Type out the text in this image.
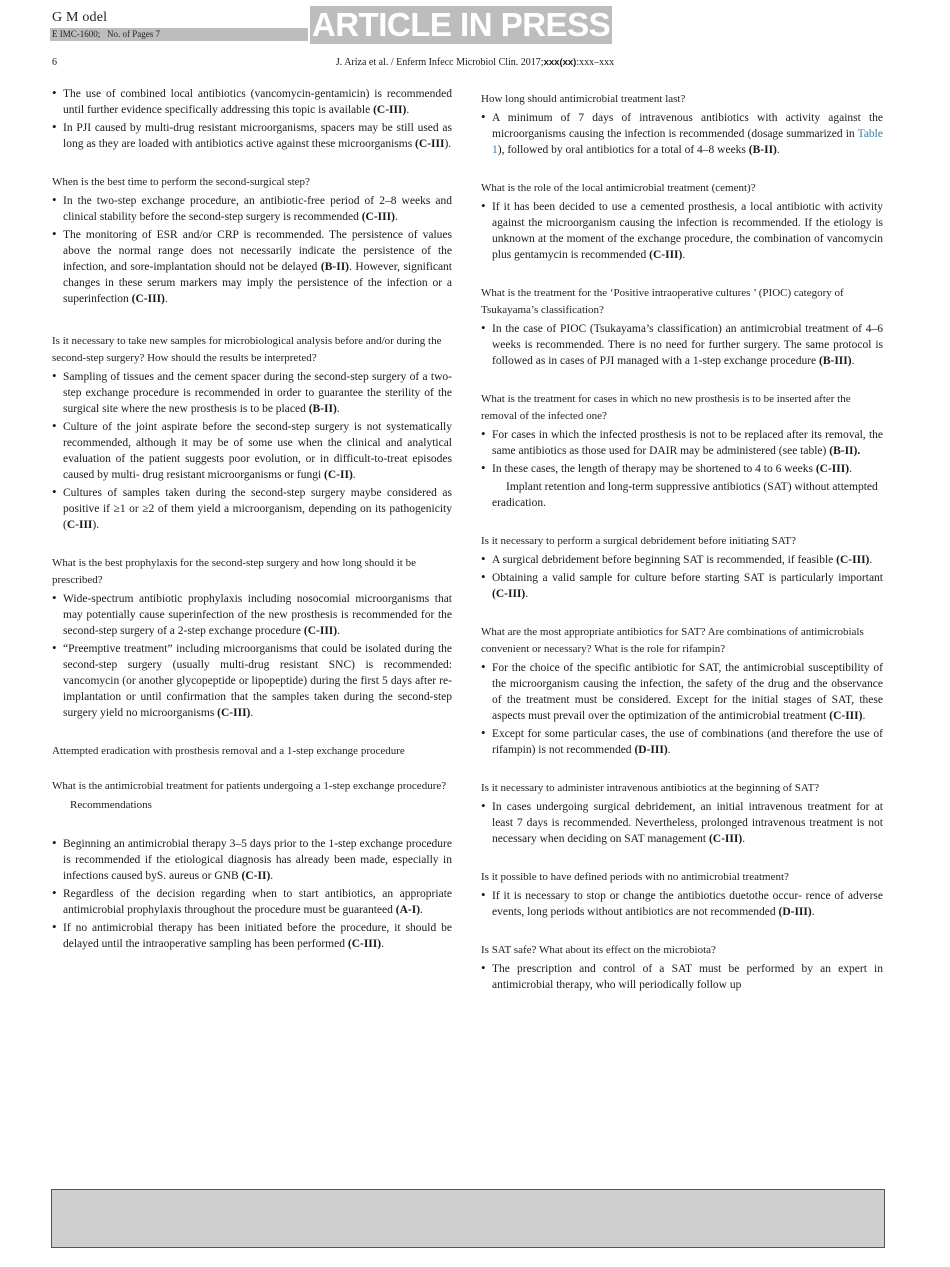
G M odel
E IMC-1600;   No. of Pages 7	ARTICLE IN PRESS
6	J. Ariza et al. / Enferm Infecc Microbiol Clin. 2017;xxx(xx):xxx–xxx
• The use of combined local antibiotics (vancomycin-gentamicin) is recommended until further evidence specifically addressing this topic is available (C-III).
• In PJI caused by multi-drug resistant microorganisms, spacers may be still used as long as they are loaded with antibiotics active against these microorganisms (C-III).
When is the best time to perform the second-surgical step?
• In the two-step exchange procedure, an antibiotic-free period of 2–8 weeks and clinical stability before the second-step surgery is recommended (C-III).
• The monitoring of ESR and/or CRP is recommended. The persistence of values above the normal range does not necessarily indicate the persistence of the infection, and sore-implantation should not be delayed (B-II). However, significant changes in these serum markers may imply the persistence of the infection or a superinfection (C-III).
Is it necessary to take new samples for microbiological analysis before and/or during the second-step surgery? How should the results be interpreted?
• Sampling of tissues and the cement spacer during the second-step surgery of a two-step exchange procedure is recommended in order to guarantee the sterility of the surgical site where the new prosthesis is to be placed (B-II).
• Culture of the joint aspirate before the second-step surgery is not systematically recommended, although it may be of some use when the clinical and analytical evaluation of the patient suggests poor evolution, or in difficult-to-treat episodes caused by multi- drug resistant microorganisms or fungi (C-II).
• Cultures of samples taken during the second-step surgery maybe considered as positive if ≥1 or ≥2 of them yield a microorganism, depending on its pathogenicity (C-III).
What is the best prophylaxis for the second-step surgery and how long should it be prescribed?
• Wide-spectrum antibiotic prophylaxis including nosocomial microorganisms that may potentially cause superinfection of the new prosthesis is recommended for the second-step surgery of a 2-step exchange procedure (C-III).
• “Preemptive treatment” including microorganisms that could be isolated during the second-step surgery (usually multi-drug resistant SNC) is recommended: vancomycin (or another glycopeptide or lipopeptide) during the first 5 days after re-implantation or until confirmation that the samples taken during the second-step surgery yield no microorganisms (C-III).
Attempted eradication with prosthesis removal and a 1-step exchange procedure
What is the antimicrobial treatment for patients undergoing a 1-step exchange procedure?
Recommendations
• Beginning an antimicrobial therapy 3–5 days prior to the 1-step exchange procedure is recommended if the etiological diagnosis has already been made, especially in infections caused byS. aureus or GNB (C-II).
• Regardless of the decision regarding when to start antibiotics, an appropriate antimicrobial prophylaxis throughout the procedure must be guaranteed (A-I).
• If no antimicrobial therapy has been initiated before the procedure, it should be delayed until the intraoperative sampling has been performed (C-III).
How long should antimicrobial treatment last?
• A minimum of 7 days of intravenous antibiotics with activity against the microorganisms causing the infection is recommended (dosage summarized in Table 1), followed by oral antibiotics for a total of 4–8 weeks (B-II).
What is the role of the local antimicrobial treatment (cement)?
• If it has been decided to use a cemented prosthesis, a local antibiotic with activity against the microorganism causing the infection is recommended. If the etiology is unknown at the moment of the exchange procedure, the combination of vancomycin plus gentamycin is recommended (C-III).
What is the treatment for the ‘Positive intraoperative cultures ’ (PIOC) category of Tsukayama’s classification?
• In the case of PIOC (Tsukayama’s classification) an antimicrobial treatment of 4–6 weeks is recommended. There is no need for further surgery. The same protocol is followed as in cases of PJI managed with a 1-step exchange procedure (B-III).
What is the treatment for cases in which no new prosthesis is to be inserted after the removal of the infected one?
• For cases in which the infected prosthesis is not to be replaced after its removal, the same antibiotics as those used for DAIR may be administered (see table) (B-II).
• In these cases, the length of therapy may be shortened to 4 to 6 weeks (C-III).
Implant retention and long-term suppressive antibiotics (SAT) without attempted eradication.
Is it necessary to perform a surgical debridement before initiating SAT?
• A surgical debridement before beginning SAT is recommended, if feasible (C-III).
• Obtaining a valid sample for culture before starting SAT is particularly important (C-III).
What are the most appropriate antibiotics for SAT? Are combinations of antimicrobials convenient or necessary? What is the role for rifampin?
• For the choice of the specific antibiotic for SAT, the antimicrobial susceptibility of the microorganism causing the infection, the safety of the drug and the observance of the treatment must be considered. Except for the initial stages of SAT, these aspects must prevail over the optimization of the antimicrobial treatment (C-III).
• Except for some particular cases, the use of combinations (and therefore the use of rifampin) is not recommended (D-III).
Is it necessary to administer intravenous antibiotics at the beginning of SAT?
• In cases undergoing surgical debridement, an initial intravenous treatment for at least 7 days is recommended. Nevertheless, prolonged intravenous treatment is not necessary when deciding on SAT management (C-III).
Is it possible to have defined periods with no antimicrobial treatment?
• If it is necessary to stop or change the antibiotics duetothe occur- rence of adverse events, long periods without antibiotics are not recommended (D-III).
Is SAT safe? What about its effect on the microbiota?
• The prescription and control of a SAT must be performed by an expert in antimicrobial therapy, who will periodically follow up
